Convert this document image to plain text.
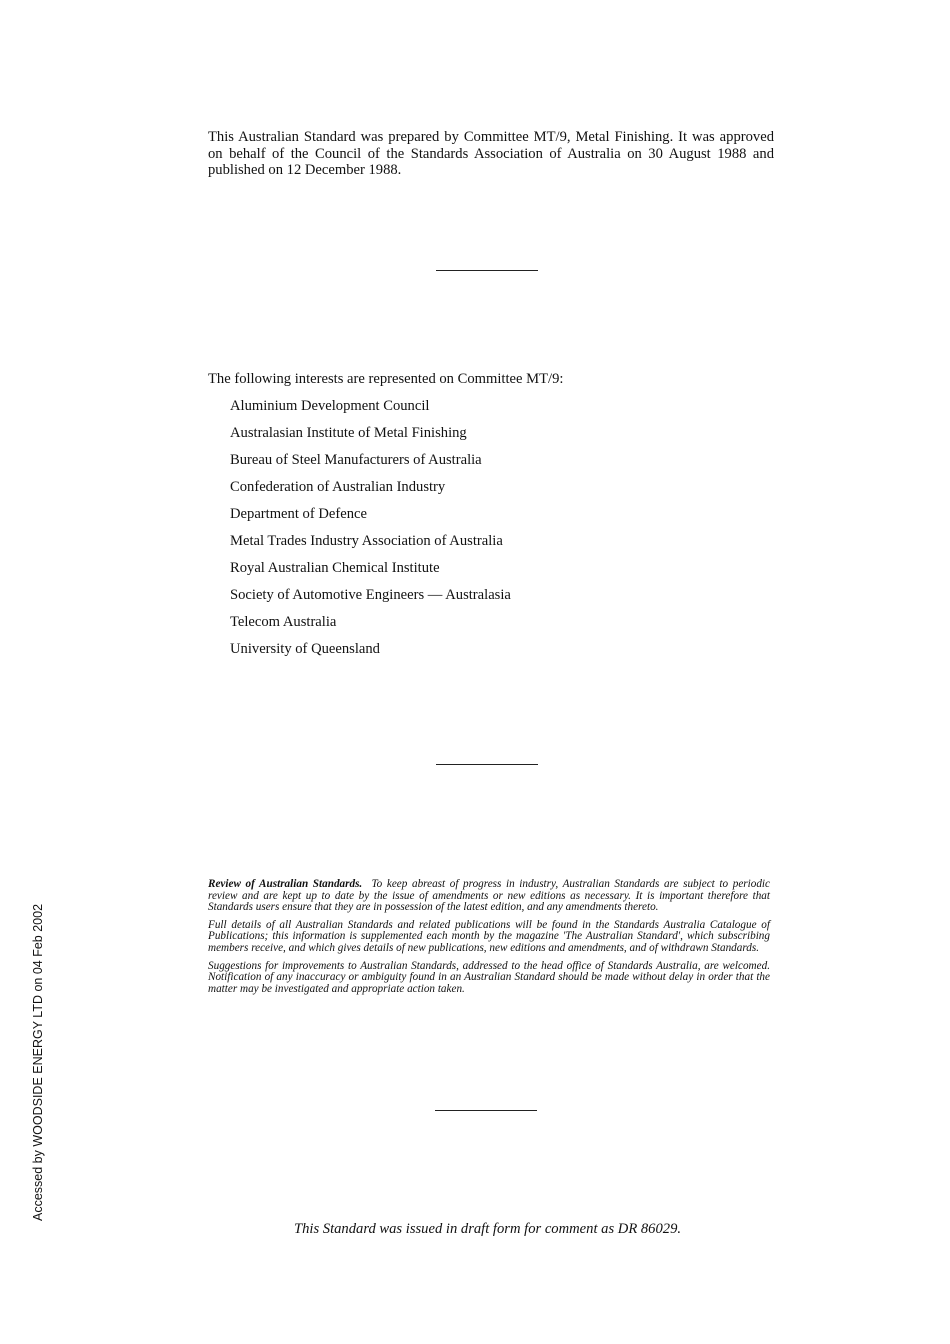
This Australian Standard was prepared by Committee MT/9, Metal Finishing. It was approved on behalf of the Council of the Standards Association of Australia on 30 August 1988 and published on 12 December 1988.
The following interests are represented on Committee MT/9:
Aluminium Development Council
Australasian Institute of Metal Finishing
Bureau of Steel Manufacturers of Australia
Confederation of Australian Industry
Department of Defence
Metal Trades Industry Association of Australia
Royal Australian Chemical Institute
Society of Automotive Engineers — Australasia
Telecom Australia
University of Queensland

Review of Australian Standards. To keep abreast of progress in industry, Australian Standards are subject to periodic review and are kept up to date by the issue of amendments or new editions as necessary. It is important therefore that Standards users ensure that they are in possession of the latest edition, and any amendments thereto.

Full details of all Australian Standards and related publications will be found in the Standards Australia Catalogue of Publications; this information is supplemented each month by the magazine 'The Australian Standard', which subscribing members receive, and which gives details of new publications, new editions and amendments, and of withdrawn Standards.

Suggestions for improvements to Australian Standards, addressed to the head office of Standards Australia, are welcomed. Notification of any inaccuracy or ambiguity found in an Australian Standard should be made without delay in order that the matter may be investigated and appropriate action taken.

This Standard was issued in draft form for comment as DR 86029.
Accessed by WOODSIDE ENERGY LTD on 04 Feb 2002
